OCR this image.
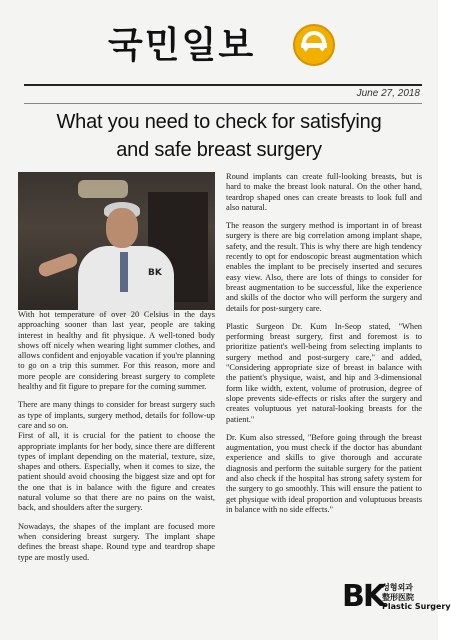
국민일보
June 27, 2018
What you need to check for satisfying
and safe breast surgery
BK

With hot temperature of over 20 Celsius in the days approaching sooner than last year, people are taking interest in healthy and fit physique. A well-toned body shows off nicely when wearing light summer clothes, and allows confident and enjoyable vacation if you're planning to go on a trip this summer. For this reason, more and more people are considering breast surgery to complete healthy and fit figure to prepare for the coming summer.

There are many things to consider for breast surgery such as type of implants, surgery method, details for follow-up care and so on.

First of all, it is crucial for the patient to choose the appropriate implants for her body, since there are different types of implant depending on the material, texture, size, shapes and others. Especially, when it comes to size, the patient should avoid choosing the biggest size and opt for the one that is in balance with the figure and creates natural volume so that there are no pains on the waist, back, and shoulders after the surgery.

Nowadays, the shapes of the implant are focused more when considering breast surgery. The implant shape defines the breast shape. Round type and teardrop shape type are mostly used.

Round implants can create full-looking breasts, but is hard to make the breast look natural. On the other hand, teardrop shaped ones can create breasts to look full and also natural.

The reason the surgery method is important in of breast surgery is there are big correlation among implant shape, safety, and the result. This is why there are high tendency recently to opt for endoscopic breast augmentation which enables the implant to be precisely inserted and secures easy view. Also, there are lots of things to consider for breast augmentation to be successful, like the experience and skills of the doctor who will perform the surgery and details for post-surgery care.

Plastic Surgeon Dr. Kum In-Seop stated, "When performing breast surgery, first and foremost is to prioritize patient's well-being from selecting implants to surgery method and post-surgery care," and added, "Considering appropriate size of breast in balance with the patient's physique, waist, and hip and 3-dimensional form like width, extent, volume of protrusion, degree of slope prevents side-effects or risks after the surgery and creates voluptuous yet natural-looking breasts for the patient."

Dr. Kum also stressed, "Before going through the breast augmentation, you must check if the doctor has abundant experience and skills to give thorough and accurate diagnosis and perform the suitable surgery for the patient and also check if the hospital has strong safety system for the surgery to go smoothly. This will ensure the patient to get physique with ideal proportion and voluptuous breasts in balance with no side effects."

BK
성형외과
整形医院
Plastic Surgery
